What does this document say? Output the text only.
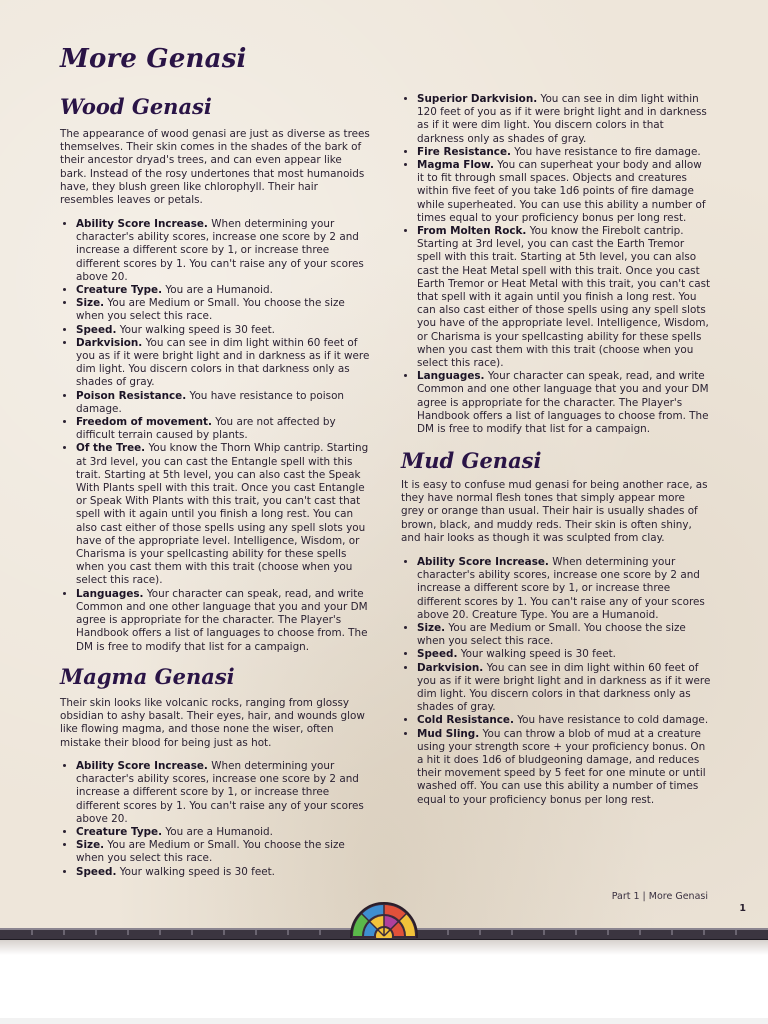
More Genasi
Wood Genasi

The appearance of wood genasi are just as diverse as trees themselves. Their skin comes in the shades of the bark of their ancestor dryad's trees, and can even appear like bark. Instead of the rosy undertones that most humanoids have, they blush green like chlorophyll. Their hair resembles leaves or petals.

• Ability Score Increase. When determining your character's ability scores, increase one score by 2 and increase a different score by 1, or increase three different scores by 1. You can't raise any of your scores above 20.
• Creature Type. You are a Humanoid.
• Size. You are Medium or Small. You choose the size when you select this race.
• Speed. Your walking speed is 30 feet.
• Darkvision. You can see in dim light within 60 feet of you as if it were bright light and in darkness as if it were dim light. You discern colors in that darkness only as shades of gray.
• Poison Resistance. You have resistance to poison damage.
• Freedom of movement. You are not affected by difficult terrain caused by plants.
• Of the Tree. You know the Thorn Whip cantrip. Starting at 3rd level, you can cast the Entangle spell with this trait. Starting at 5th level, you can also cast the Speak With Plants spell with this trait. Once you cast Entangle or Speak With Plants with this trait, you can't cast that spell with it again until you finish a long rest. You can also cast either of those spells using any spell slots you have of the appropriate level. Intelligence, Wisdom, or Charisma is your spellcasting ability for these spells when you cast them with this trait (choose when you select this race).
• Languages. Your character can speak, read, and write Common and one other language that you and your DM agree is appropriate for the character. The Player's Handbook offers a list of languages to choose from. The DM is free to modify that list for a campaign.
Magma Genasi

Their skin looks like volcanic rocks, ranging from glossy obsidian to ashy basalt. Their eyes, hair, and wounds glow like flowing magma, and those none the wiser, often mistake their blood for being just as hot.

• Ability Score Increase. When determining your character's ability scores, increase one score by 2 and increase a different score by 1, or increase three different scores by 1. You can't raise any of your scores above 20.
• Creature Type. You are a Humanoid.
• Size. You are Medium or Small. You choose the size when you select this race.
• Speed. Your walking speed is 30 feet.
• Superior Darkvision. You can see in dim light within 120 feet of you as if it were bright light and in darkness as if it were dim light. You discern colors in that darkness only as shades of gray.
• Fire Resistance. You have resistance to fire damage.
• Magma Flow. You can superheat your body and allow it to fit through small spaces. Objects and creatures within five feet of you take 1d6 points of fire damage while superheated. You can use this ability a number of times equal to your proficiency bonus per long rest.
• From Molten Rock. You know the Firebolt cantrip. Starting at 3rd level, you can cast the Earth Tremor spell with this trait. Starting at 5th level, you can also cast the Heat Metal spell with this trait. Once you cast Earth Tremor or Heat Metal with this trait, you can't cast that spell with it again until you finish a long rest. You can also cast either of those spells using any spell slots you have of the appropriate level. Intelligence, Wisdom, or Charisma is your spellcasting ability for these spells when you cast them with this trait (choose when you select this race).
• Languages. Your character can speak, read, and write Common and one other language that you and your DM agree is appropriate for the character. The Player's Handbook offers a list of languages to choose from. The DM is free to modify that list for a campaign.
Mud Genasi

It is easy to confuse mud genasi for being another race, as they have normal flesh tones that simply appear more grey or orange than usual. Their hair is usually shades of brown, black, and muddy reds. Their skin is often shiny, and hair looks as though it was sculpted from clay.

• Ability Score Increase. When determining your character's ability scores, increase one score by 2 and increase a different score by 1, or increase three different scores by 1. You can't raise any of your scores above 20. Creature Type. You are a Humanoid.
• Size. You are Medium or Small. You choose the size when you select this race.
• Speed. Your walking speed is 30 feet.
• Darkvision. You can see in dim light within 60 feet of you as if it were bright light and in darkness as if it were dim light. You discern colors in that darkness only as shades of gray.
• Cold Resistance. You have resistance to cold damage.
• Mud Sling. You can throw a blob of mud at a creature using your strength score + your proficiency bonus. On a hit it does 1d6 of bludgeoning damage, and reduces their movement speed by 5 feet for one minute or until washed off. You can use this ability a number of times equal to your proficiency bonus per long rest.
Part 1 | More Genasi
1
